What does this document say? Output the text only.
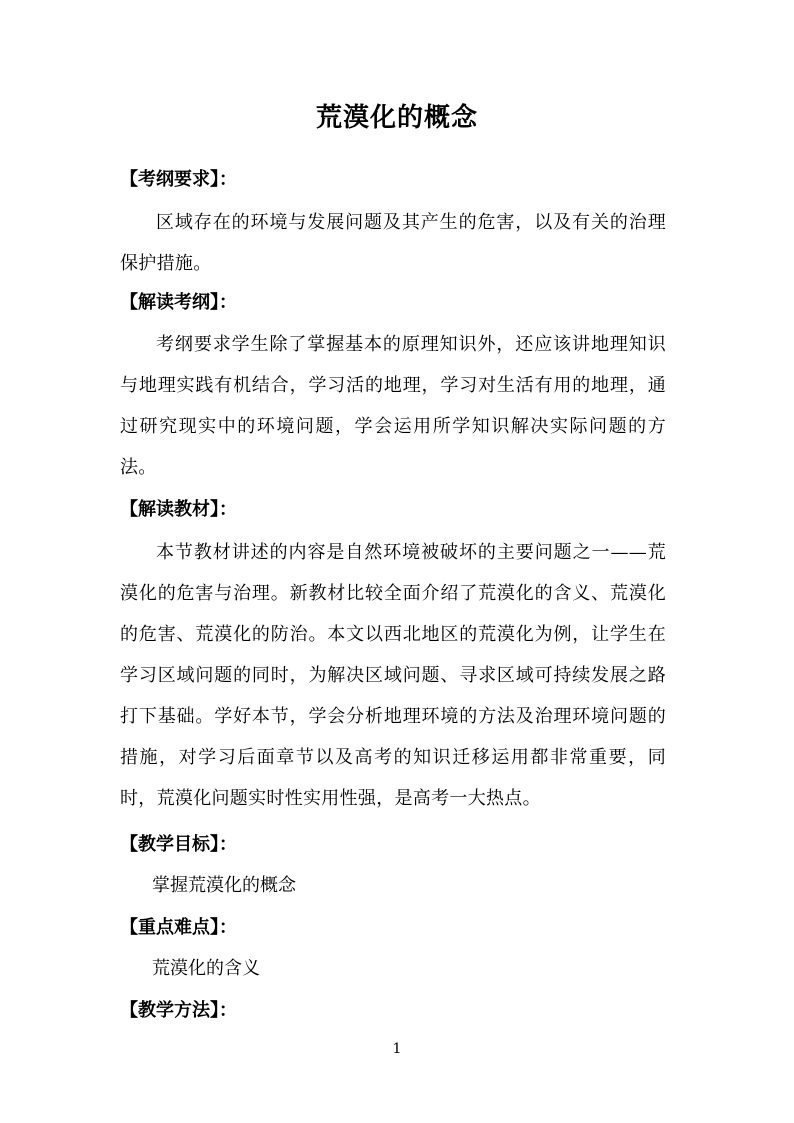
荒漠化的概念
【考纲要求】：
区域存在的环境与发展问题及其产生的危害，以及有关的治理保护措施。
【解读考纲】：
考纲要求学生除了掌握基本的原理知识外，还应该讲地理知识与地理实践有机结合，学习活的地理，学习对生活有用的地理，通过研究现实中的环境问题，学会运用所学知识解决实际问题的方法。
【解读教材】：
本节教材讲述的内容是自然环境被破坏的主要问题之一——荒漠化的危害与治理。新教材比较全面介绍了荒漠化的含义、荒漠化的危害、荒漠化的防治。本文以西北地区的荒漠化为例，让学生在学习区域问题的同时，为解决区域问题、寻求区域可持续发展之路打下基础。学好本节，学会分析地理环境的方法及治理环境问题的措施，对学习后面章节以及高考的知识迁移运用都非常重要，同时，荒漠化问题实时性实用性强，是高考一大热点。
【教学目标】：
掌握荒漠化的概念
【重点难点】：
荒漠化的含义
【教学方法】：
1
